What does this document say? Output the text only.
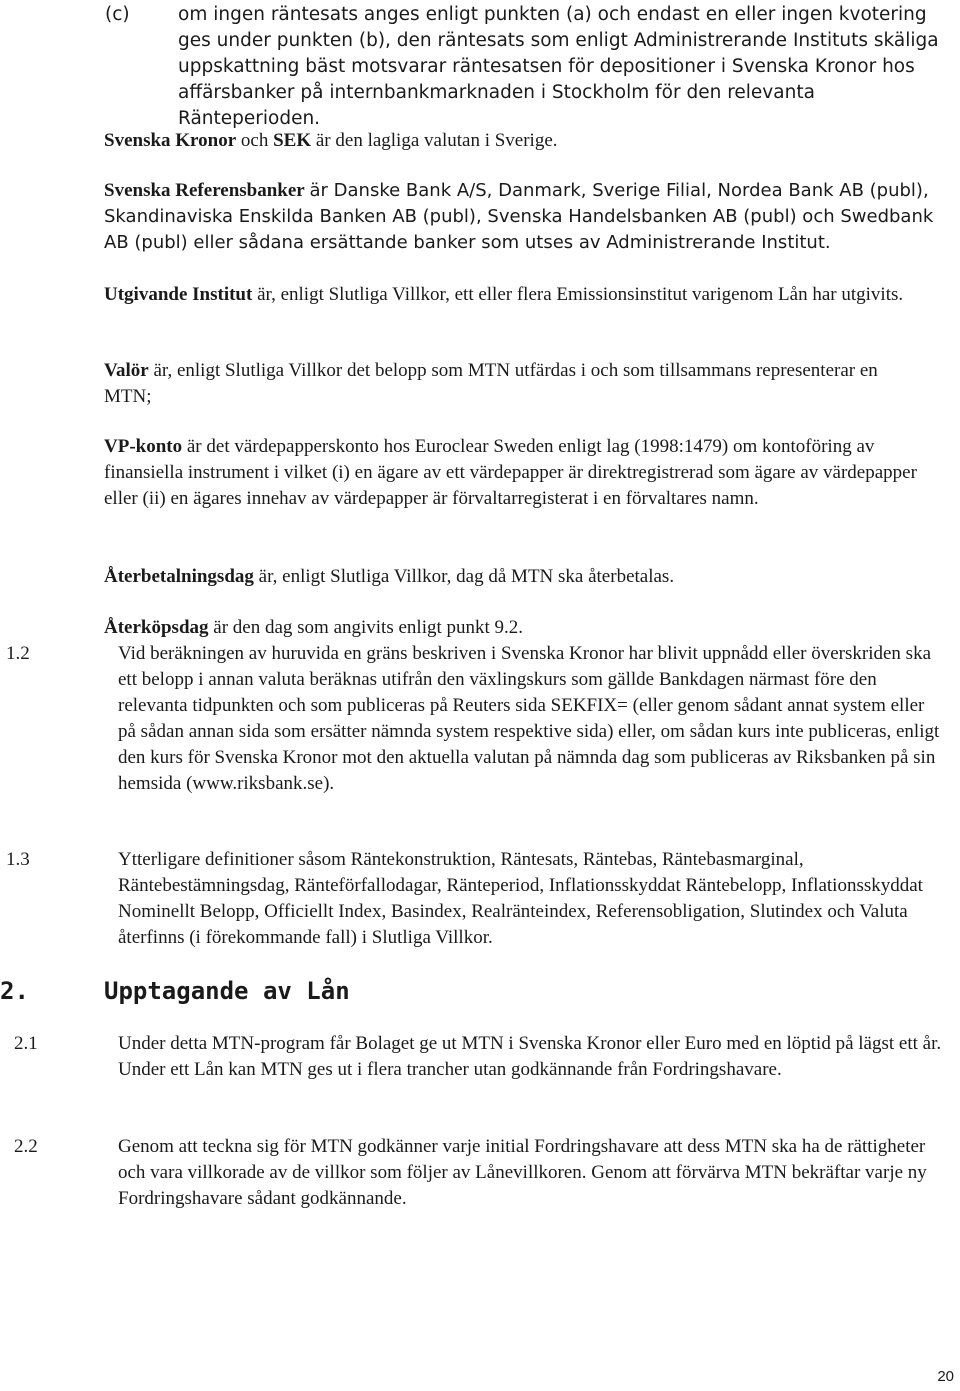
(c)	om ingen räntesats anges enligt punkten (a) och endast en eller ingen kvotering ges under punkten (b), den räntesats som enligt Administrerande Instituts skäliga uppskattning bäst motsvarar räntesatsen för depositioner i Svenska Kronor hos affärsbanker på internbankmarknaden i Stockholm för den relevanta Ränteperioden.

Svenska Kronor och SEK är den lagliga valutan i Sverige.

Svenska Referensbanker är Danske Bank A/S, Danmark, Sverige Filial, Nordea Bank AB (publ), Skandinaviska Enskilda Banken AB (publ), Svenska Handelsbanken AB (publ) och Swedbank AB (publ) eller sådana ersättande banker som utses av Administrerande Institut.

Utgivande Institut är, enligt Slutliga Villkor, ett eller flera Emissionsinstitut varigenom Lån har utgivits.

Valör är, enligt Slutliga Villkor det belopp som MTN utfärdas i och som tillsammans representerar en MTN;

VP-konto är det värdepapperskonto hos Euroclear Sweden enligt lag (1998:1479) om kontoföring av finansiella instrument i vilket (i) en ägare av ett värdepapper är direktregistrerad som ägare av värdepapper eller (ii) en ägares innehav av värdepapper är förvaltarregisterat i en förvaltares namn.

Återbetalningsdag är, enligt Slutliga Villkor, dag då MTN ska återbetalas.

Återköpsdag är den dag som angivits enligt punkt 9.2.

1.2	Vid beräkningen av huruvida en gräns beskriven i Svenska Kronor har blivit uppnådd eller överskriden ska ett belopp i annan valuta beräknas utifrån den växlingskurs som gällde Bankdagen närmast före den relevanta tidpunkten och som publiceras på Reuters sida SEKFIX= (eller genom sådant annat system eller på sådan annan sida som ersätter nämnda system respektive sida) eller, om sådan kurs inte publiceras, enligt den kurs för Svenska Kronor mot den aktuella valutan på nämnda dag som publiceras av Riksbanken på sin hemsida (www.riksbank.se).

1.3	Ytterligare definitioner såsom Räntekonstruktion, Räntesats, Räntebas, Räntebasmarginal, Räntebestämningsdag, Ränteförfallodagar, Ränteperiod, Inflationsskyddat Räntebelopp, Inflationsskyddat Nominellt Belopp, Officiellt Index, Basindex, Realränteindex, Referensobligation, Slutindex och Valuta återfinns (i förekommande fall) i Slutliga Villkor.

2.	Upptagande av Lån
2.1	Under detta MTN-program får Bolaget ge ut MTN i Svenska Kronor eller Euro med en löptid på lägst ett år. Under ett Lån kan MTN ges ut i flera trancher utan godkännande från Fordringshavare.

2.2	Genom att teckna sig för MTN godkänner varje initial Fordringshavare att dess MTN ska ha de rättigheter och vara villkorade av de villkor som följer av Lånevillkoren. Genom att förvärva MTN bekräftar varje ny Fordringshavare sådant godkännande.

20
